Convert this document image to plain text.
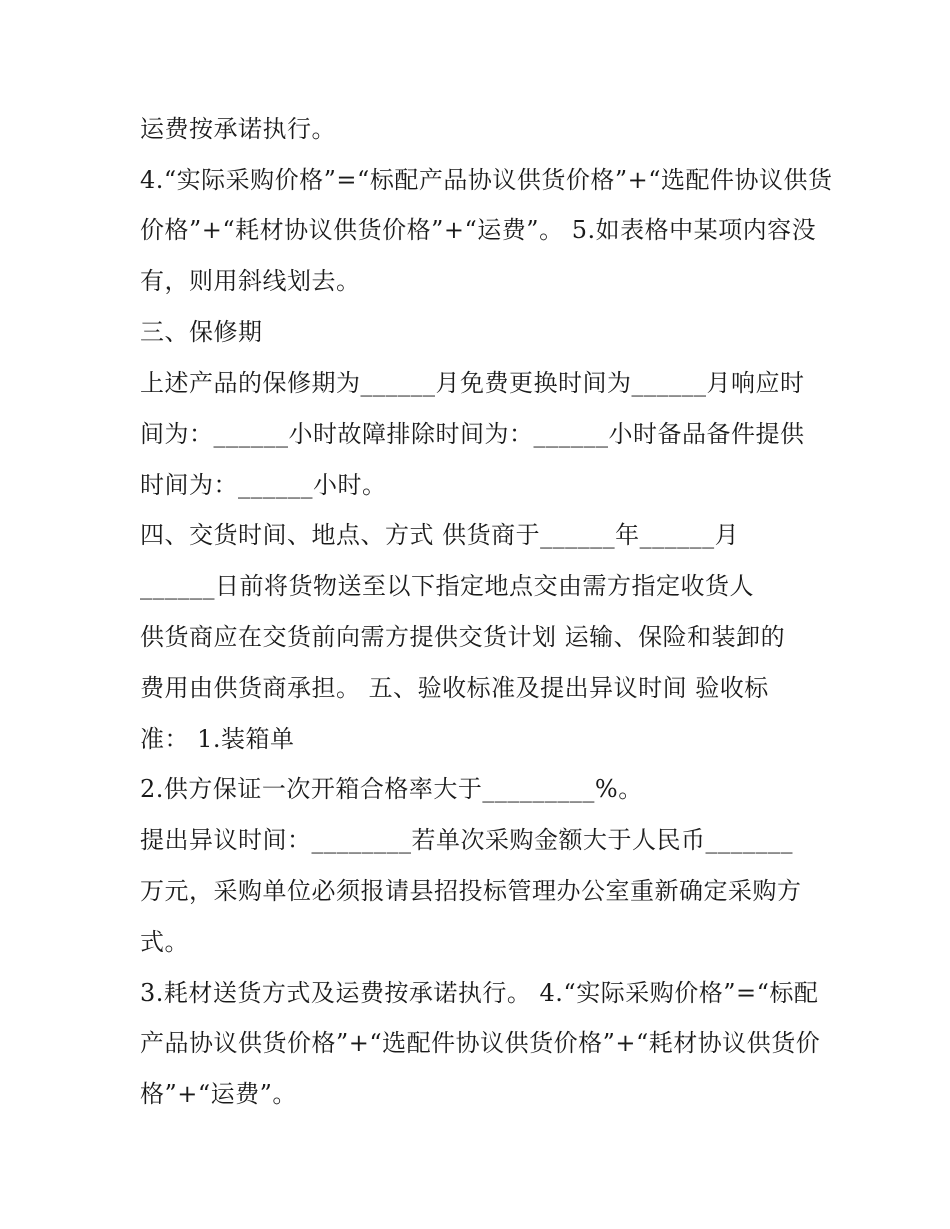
运费按承诺执行。
4.“实际采购价格”=“标配产品协议供货价格”+“选配件协议供货
价格”+“耗材协议供货价格”+“运费”。 5.如表格中某项内容没
有，则用斜线划去。
三、保修期
上述产品的保修期为______月免费更换时间为______月响应时
间为：______小时故障排除时间为：______小时备品备件提供
时间为：______小时。
四、交货时间、地点、方式 供货商于______年______月
______日前将货物送至以下指定地点交由需方指定收货人
供货商应在交货前向需方提供交货计划 运输、保险和装卸的
费用由供货商承担。 五、验收标准及提出异议时间 验收标
准： 1.装箱单
2.供方保证一次开箱合格率大于_________%。
提出异议时间：________若单次采购金额大于人民币_______
万元，采购单位必须报请县招投标管理办公室重新确定采购方
式。
3.耗材送货方式及运费按承诺执行。 4.“实际采购价格”=“标配
产品协议供货价格”+“选配件协议供货价格”+“耗材协议供货价
格”+“运费”。
